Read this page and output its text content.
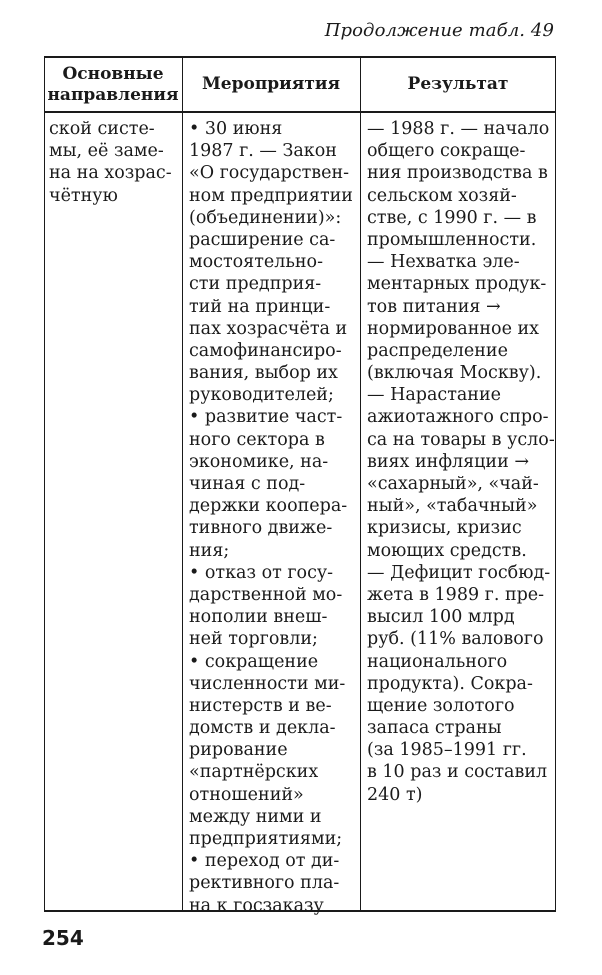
Продолжение табл. 49
Основные
направления
Мероприятия	Результат
ской систе-
мы, её заме-
на на хозрас-
чётную
• 30 июня
1987 г. — Закон
«О государствен-
ном предприятии
(объединении)»:
расширение са-
мостоятельно-
сти предприя-
тий на принци-
пах хозрасчёта и
самофинансиро-
вания, выбор их
руководителей;
• развитие част-
ного сектора в
экономике, на-
чиная с под-
держки коопера-
тивного движе-
ния;
• отказ от госу-
дарственной мо-
нополии внеш-
ней торговли;
• сокращение
численности ми-
нистерств и ве-
домств и декла-
рирование
«партнёрских
отношений»
между ними и
предприятиями;
• переход от ди-
рективного пла-
на к госзаказу
— 1988 г. — начало
общего сокраще-
ния производства в
сельском хозяй-
стве, с 1990 г. — в
промышленности.
— Нехватка эле-
ментарных продук-
тов питания →
нормированное их
распределение
(включая Москву).
— Нарастание
ажиотажного спро-
са на товары в усло-
виях инфляции →
«сахарный», «чай-
ный», «табачный»
кризисы, кризис
моющих средств.
— Дефицит госбюд-
жета в 1989 г. пре-
высил 100 млрд
руб. (11% валового
национального
продукта). Сокра-
щение золотого
запаса страны
(за 1985–1991 гг.
в 10 раз и составил
240 т)
254
